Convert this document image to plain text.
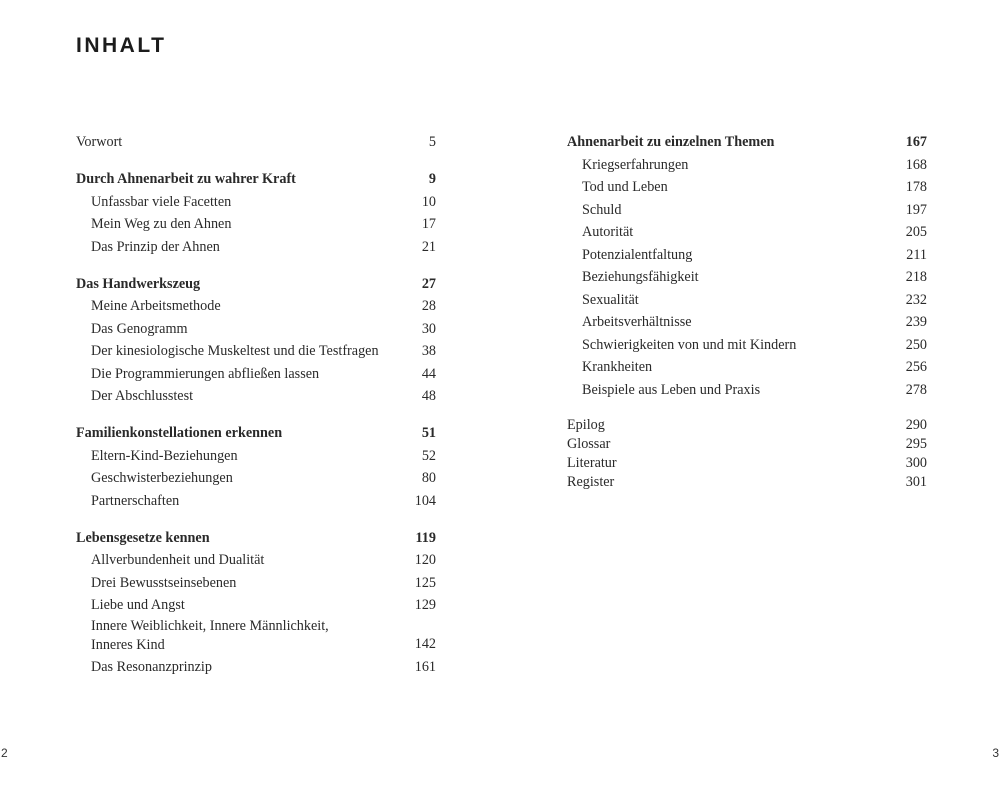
INHALT
Vorwort	5
Durch Ahnenarbeit zu wahrer Kraft	9
Unfassbar viele Facetten	10
Mein Weg zu den Ahnen	17
Das Prinzip der Ahnen	21
Das Handwerkszeug	27
Meine Arbeitsmethode	28
Das Genogramm	30
Der kinesiologische Muskeltest und die Testfragen	38
Die Programmierungen abfließen lassen	44
Der Abschlusstest	48
Familienkonstellationen erkennen	51
Eltern-Kind-Beziehungen	52
Geschwisterbeziehungen	80
Partnerschaften	104
Lebensgesetze kennen	119
Allverbundenheit und Dualität	120
Drei Bewusstseinsebenen	125
Liebe und Angst	129
Innere Weiblichkeit, Innere Männlichkeit,
Inneres Kind	142
Das Resonanzprinzip	161
Ahnenarbeit zu einzelnen Themen	167
Kriegserfahrungen	168
Tod und Leben	178
Schuld	197
Autorität	205
Potenzialentfaltung	211
Beziehungsfähigkeit	218
Sexualität	232
Arbeitsverhältnisse	239
Schwierigkeiten von und mit Kindern	250
Krankheiten	256
Beispiele aus Leben und Praxis	278
Epilog	290
Glossar	295
Literatur	300
Register	301
2	3
